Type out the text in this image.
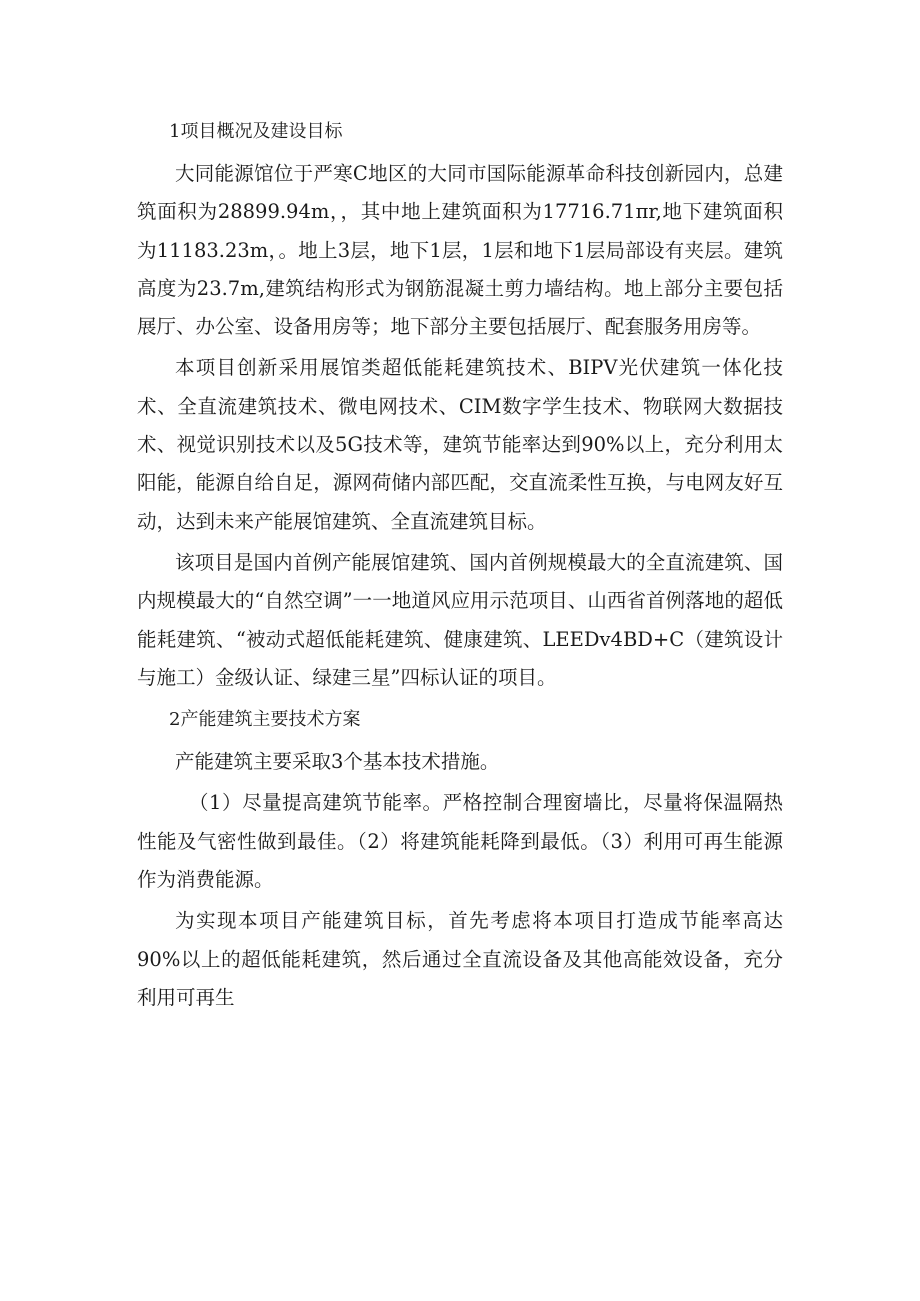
1项目概况及建设目标

大同能源馆位于严寒C地区的大同市国际能源革命科技创新园内，总建筑面积为28899.94m，，其中地上建筑面积为17716.71πr,地下建筑面积为11183.23m，。地上3层，地下1层，1层和地下1层局部设有夹层。建筑高度为23.7m,建筑结构形式为钢筋混凝土剪力墙结构。地上部分主要包括展厅、办公室、设备用房等；地下部分主要包括展厅、配套服务用房等。

本项目创新采用展馆类超低能耗建筑技术、BIPV光伏建筑一体化技术、全直流建筑技术、微电网技术、CIM数字学生技术、物联网大数据技术、视觉识别技术以及5G技术等，建筑节能率达到90%以上，充分利用太阳能，能源自给自足，源网荷储内部匹配，交直流柔性互换，与电网友好互动，达到未来产能展馆建筑、全直流建筑目标。

该项目是国内首例产能展馆建筑、国内首例规模最大的全直流建筑、国内规模最大的“自然空调”一一地道风应用示范项目、山西省首例落地的超低能耗建筑、“被动式超低能耗建筑、健康建筑、LEEDv4BD+C（建筑设计与施工）金级认证、绿建三星”四标认证的项目。

2产能建筑主要技术方案

产能建筑主要采取3个基本技术措施。

（1）尽量提高建筑节能率。严格控制合理窗墙比，尽量将保温隔热性能及气密性做到最佳。（2）将建筑能耗降到最低。（3）利用可再生能源作为消费能源。

为实现本项目产能建筑目标，首先考虑将本项目打造成节能率高达90%以上的超低能耗建筑，然后通过全直流设备及其他高能效设备，充分利用可再生
